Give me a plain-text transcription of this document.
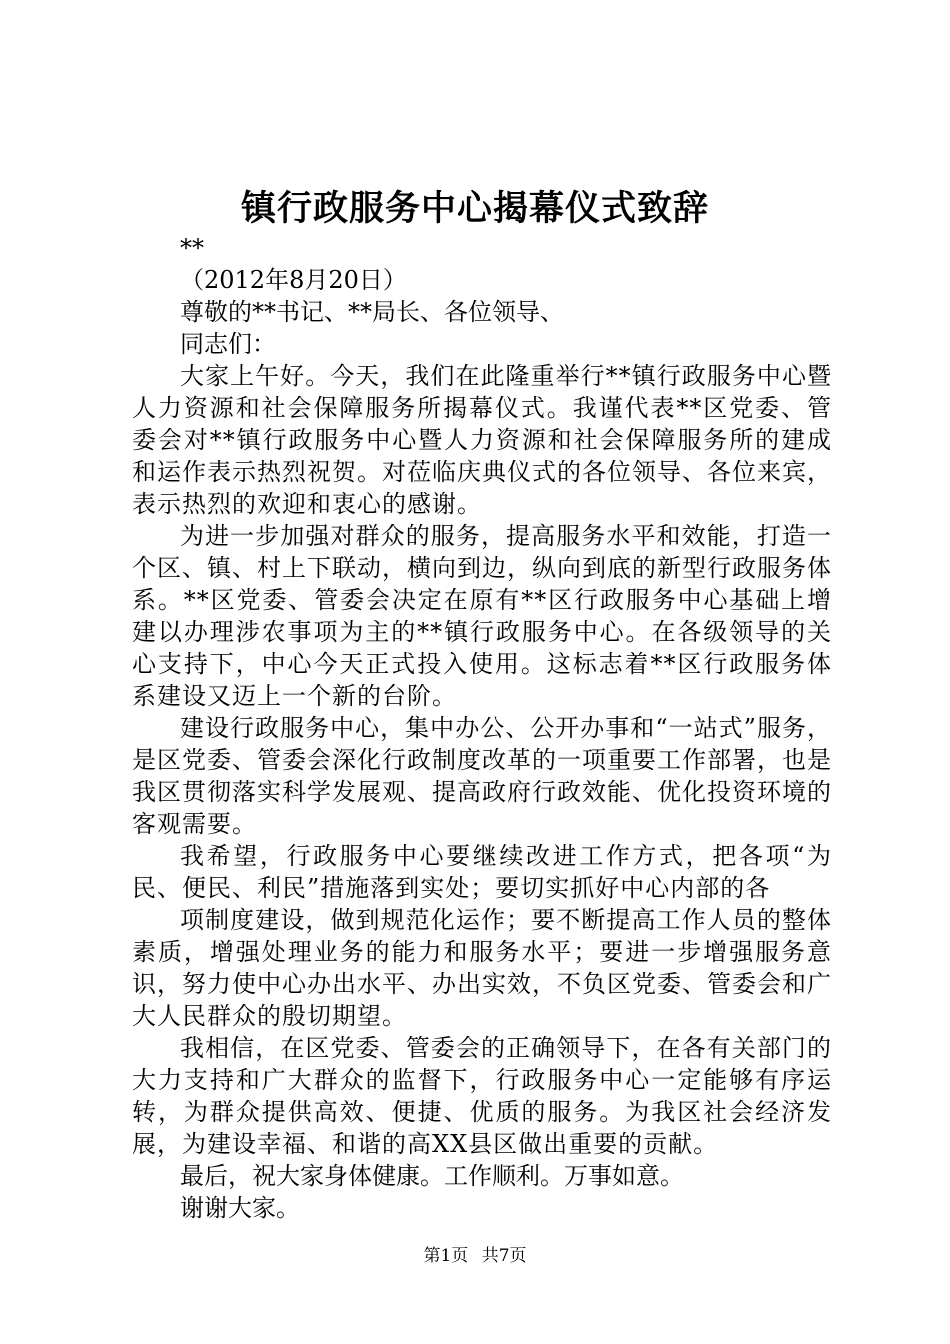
镇行政服务中心揭幕仪式致辞

**

（2012年8月20日）

尊敬的**书记、**局长、各位领导、

同志们：

大家上午好。今天，我们在此隆重举行**镇行政服务中心暨人力资源和社会保障服务所揭幕仪式。我谨代表**区党委、管委会对**镇行政服务中心暨人力资源和社会保障服务所的建成和运作表示热烈祝贺。对莅临庆典仪式的各位领导、各位来宾，表示热烈的欢迎和衷心的感谢。

为进一步加强对群众的服务，提高服务水平和效能，打造一个区、镇、村上下联动，横向到边，纵向到底的新型行政服务体系。**区党委、管委会决定在原有**区行政服务中心基础上增建以办理涉农事项为主的**镇行政服务中心。在各级领导的关心支持下，中心今天正式投入使用。这标志着**区行政服务体系建设又迈上一个新的台阶。

建设行政服务中心，集中办公、公开办事和“一站式”服务，是区党委、管委会深化行政制度改革的一项重要工作部署，也是我区贯彻落实科学发展观、提高政府行政效能、优化投资环境的客观需要。

我希望，行政服务中心要继续改进工作方式，把各项“为民、便民、利民”措施落到实处；要切实抓好中心内部的各

项制度建设，做到规范化运作；要不断提高工作人员的整体素质，增强处理业务的能力和服务水平；要进一步增强服务意识，努力使中心办出水平、办出实效，不负区党委、管委会和广大人民群众的殷切期望。

我相信，在区党委、管委会的正确领导下，在各有关部门的大力支持和广大群众的监督下，行政服务中心一定能够有序运转，为群众提供高效、便捷、优质的服务。为我区社会经济发展，为建设幸福、和谐的高XX县区做出重要的贡献。

最后，祝大家身体健康。工作顺利。万事如意。

谢谢大家。

第1页 共7页
